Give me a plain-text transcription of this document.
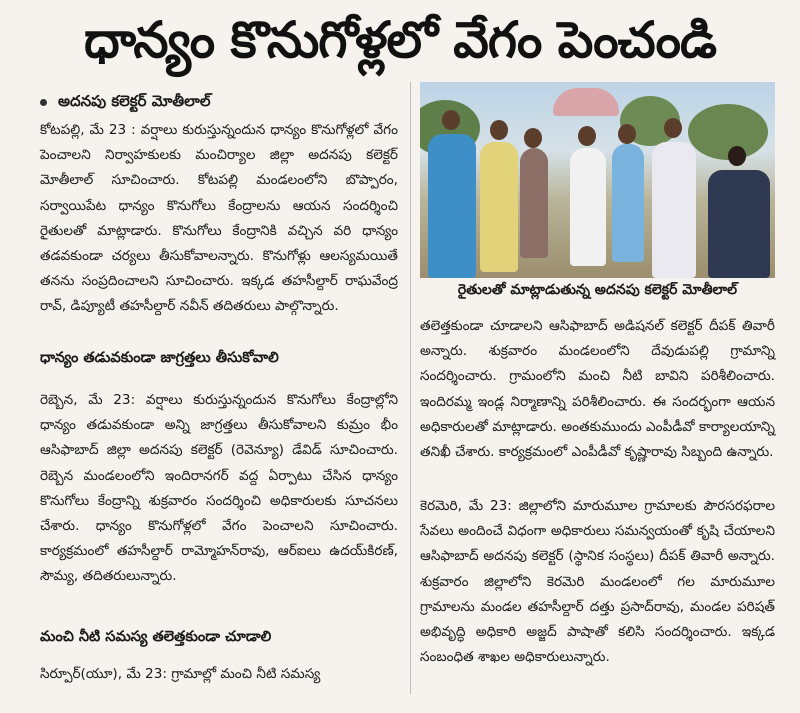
ధాన్యం కొనుగోళ్లలో వేగం పెంచండి
అదనపు కలెక్టర్ మోతీలాల్

కోటపల్లి, మే 23 : వర్షాలు కురుస్తున్నందున ధాన్యం కొనుగోళ్లలో వేగం పెంచాలని నిర్వాహకులకు మంచిర్యాల జిల్లా అదనపు కలెక్టర్ మోతీలాల్ సూచించారు. కోటపల్లి మండలంలోని బొప్పారం, సర్వాయిపేట ధాన్యం కొనుగోలు కేంద్రాలను ఆయన సందర్శించి రైతులతో మాట్లాడారు. కొనుగోలు కేంద్రానికి వచ్చిన వరి ధాన్యం తడవకుండా చర్యలు తీసుకోవాలన్నారు. కొనుగోళ్లు ఆలస్యమయితే తనను సంప్రదించాలని సూచించారు. ఇక్కడ తహసీల్దార్ రాఘవేంద్ర రావ్, డిప్యూటీ తహసీల్దార్ నవీన్ తదితరులు పాల్గొన్నారు.

ధాన్యం తడువకుండా జాగ్రత్తలు తీసుకోవాలి

రెబ్బెన, మే 23: వర్షాలు కురుస్తున్నందున కొనుగోలు కేంద్రాల్లోని ధాన్యం తడువకుండా అన్ని జాగ్రత్తలు తీసుకోవాలని కుమ్రం భీం ఆసిఫాబాద్ జిల్లా అదనపు కలెక్టర్ (రెవెన్యూ) డేవిడ్ సూచించారు. రెబ్బెన మండలంలోని ఇందిరానగర్ వద్ద ఏర్పాటు చేసిన ధాన్యం కొనుగోలు కేంద్రాన్ని శుక్రవారం సందర్శించి అధికారులకు సూచనలు చేశారు. ధాన్యం కొనుగోళ్లలో వేగం పెంచాలని సూచించారు. కార్యక్రమంలో తహసీల్దార్ రామ్మోహన్‌రావు, ఆర్‌ఐలు ఉదయ్‌కిరణ్, సౌమ్య, తదితరులున్నారు.

మంచి నీటి సమస్య తలెత్తకుండా చూడాలి

సిర్పూర్(యూ), మే 23: గ్రామాల్లో మంచి నీటి సమస్య

రైతులతో మాట్లాడుతున్న అదనపు కలెక్టర్ మోతీలాల్

తలెత్తకుండా చూడాలని ఆసిఫాబాద్ అడిషనల్ కలెక్టర్ దీపక్ తివారీ అన్నారు. శుక్రవారం మండలంలోని దేవుడుపల్లి గ్రామాన్ని సందర్శించారు. గ్రామంలోని మంచి నీటి బావిని పరిశీలించారు. ఇందిరమ్మ ఇండ్ల నిర్మాణాన్ని పరిశీలించారు. ఈ సందర్భంగా ఆయన అధికారులతో మాట్లాడారు. అంతకుముందు ఎంపీడీవో కార్యాలయాన్ని తనిఖీ చేశారు. కార్యక్రమంలో ఎంపీడీవో కృష్ణారావు సిబ్బంది ఉన్నారు.

కెరమెరి, మే 23: జిల్లాలోని మారుమూల గ్రామాలకు పౌరసరఫరాల సేవలు అందించే విధంగా అధికారులు సమన్వయంతో కృషి చేయాలని ఆసిఫాబాద్ అదనపు కలెక్టర్ (స్థానిక సంస్థలు) దీపక్ తివారీ అన్నారు. శుక్రవారం జిల్లాలోని కెరమెరి మండలంలో గల మారుమూల గ్రామాలను మండల తహసీల్దార్ దత్తు ప్రసాద్‌రావు, మండల పరిషత్ అభివృద్ధి అధికారి అజ్జద్ పాషాతో కలిసి సందర్శించారు. ఇక్కడ సంబంధిత శాఖల అధికారులున్నారు.
